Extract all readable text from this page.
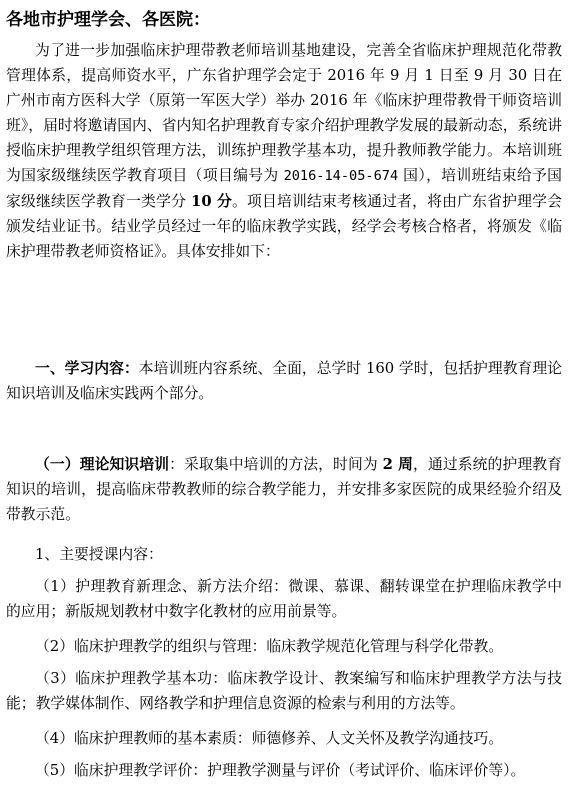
各地市护理学会、各医院：

为了进一步加强临床护理带教老师培训基地建设，完善全省临床护理规范化带教管理体系，提高师资水平，广东省护理学会定于 2016 年 9 月 1 日至 9 月 30 日在广州市南方医科大学（原第一军医大学）举办 2016 年《临床护理带教骨干师资培训班》，届时将邀请国内、省内知名护理教育专家介绍护理教学发展的最新动态，系统讲授临床护理教学组织管理方法，训练护理教学基本功，提升教师教学能力。本培训班为国家级继续医学教育项目（项目编号为 2016-14-05-674 国），培训班结束给予国家级继续医学教育一类学分 10 分。项目培训结束考核通过者，将由广东省护理学会颁发结业证书。结业学员经过一年的临床教学实践，经学会考核合格者，将颁发《临床护理带教老师资格证》。具体安排如下：

一、学习内容：本培训班内容系统、全面，总学时 160 学时，包括护理教育理论知识培训及临床实践两个部分。

（一）理论知识培训：采取集中培训的方法，时间为 2 周，通过系统的护理教育知识的培训，提高临床带教教师的综合教学能力，并安排多家医院的成果经验介绍及带教示范。

1、主要授课内容：

（1）护理教育新理念、新方法介绍：微课、慕课、翻转课堂在护理临床教学中的应用；新版规划教材中数字化教材的应用前景等。

（2）临床护理教学的组织与管理：临床教学规范化管理与科学化带教。

（3）临床护理教学基本功：临床教学设计、教案编写和临床护理教学方法与技能；教学媒体制作、网络教学和护理信息资源的检索与利用的方法等。

（4）临床护理教师的基本素质：师德修养、人文关怀及教学沟通技巧。

（5）临床护理教学评价：护理教学测量与评价（考试评价、临床评价等）。
